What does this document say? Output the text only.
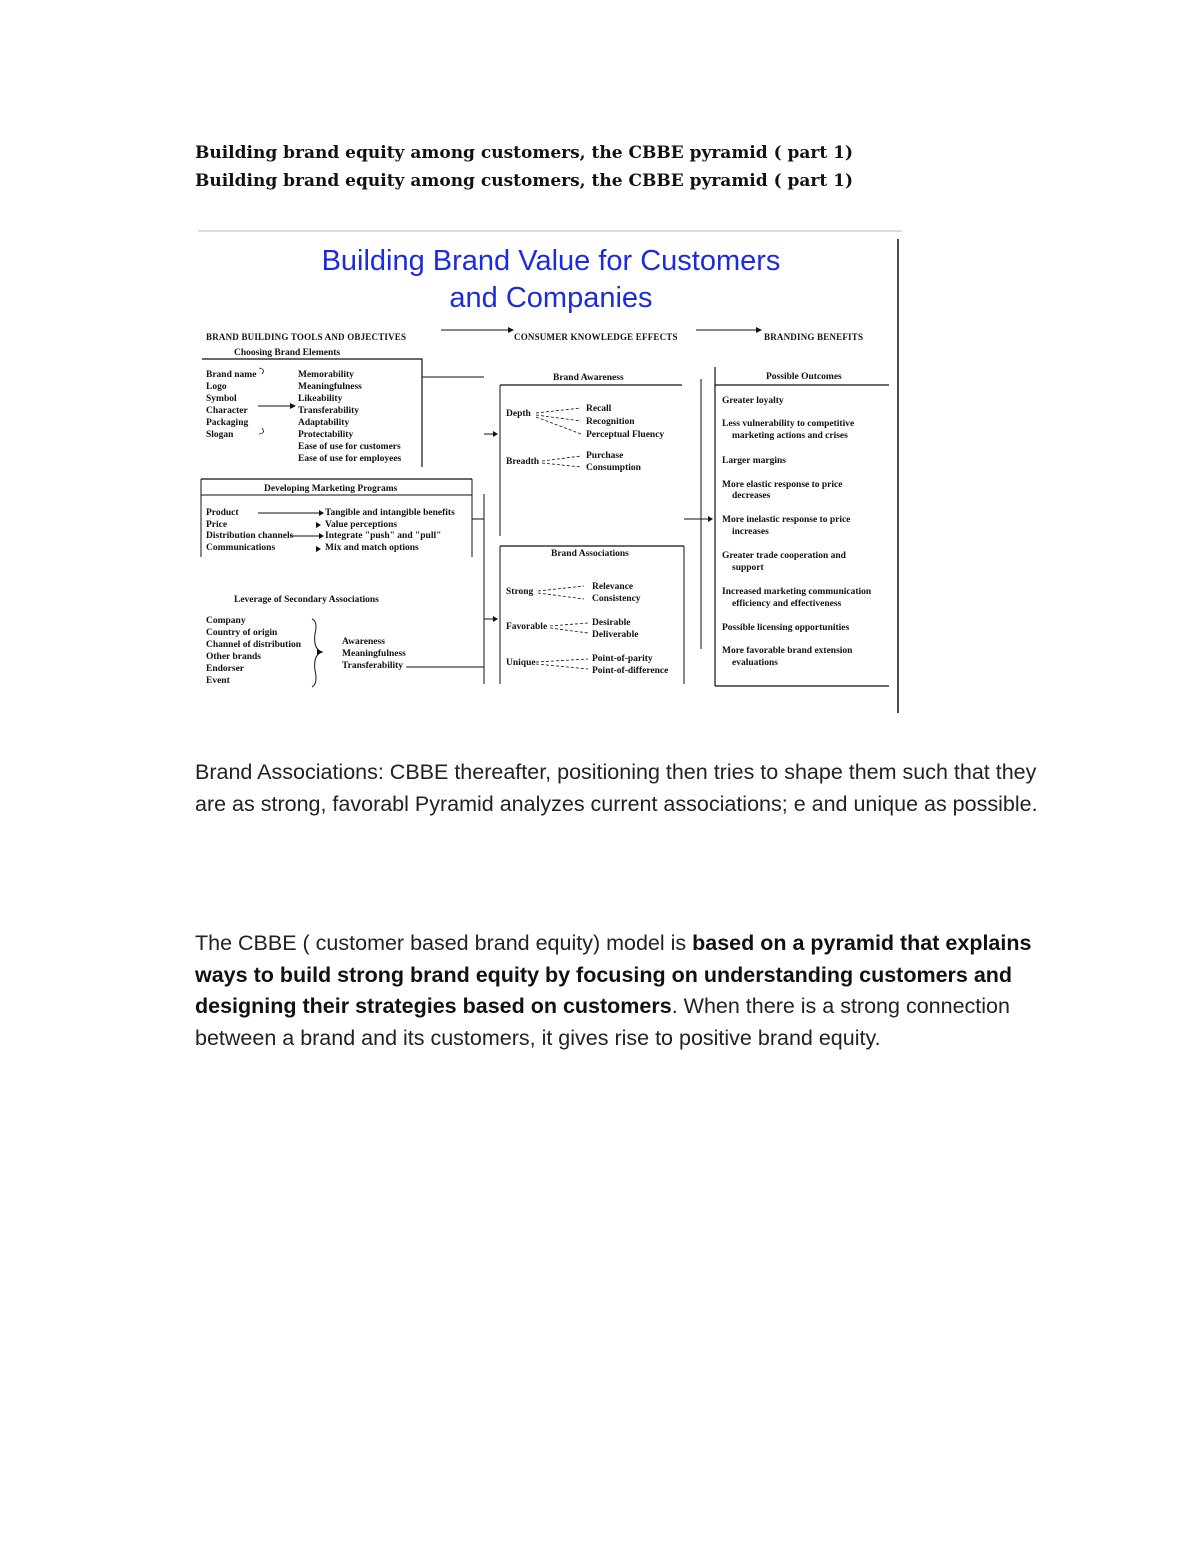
Building brand equity among customers, the CBBE pyramid ( part 1)
Building brand equity among customers, the CBBE pyramid ( part 1)
Building Brand Value for Customers
and Companies
BRAND BUILDING TOOLS AND OBJECTIVES	CONSUMER KNOWLEDGE EFFECTS	BRANDING BENEFITS
Choosing Brand Elements
Brand name
Logo
Symbol
Character
Packaging
Slogan
Memorability
Meaningfulness
Likeability
Transferability
Adaptability
Protectability
Ease of use for customers
Ease of use for employees
Developing Marketing Programs
Product
Price
Distribution channels
Communications
Tangible and intangible benefits
Value perceptions
Integrate "push" and "pull"
Mix and match options
Leverage of Secondary Associations
Company
Country of origin
Channel of distribution
Other brands
Endorser
Event
Awareness
Meaningfulness
Transferability
Brand Awareness
Depth	Recall
Recognition
Perceptual Fluency
Breadth
Purchase
Consumption
Brand Associations
Strong	Relevance
Consistency
Favorable	Desirable
Deliverable
Unique	Point-of-parity
Point-of-difference
Possible Outcomes
Greater loyalty
Less vulnerability to competitive
marketing actions and crises
Larger margins
More elastic response to price
decreases
More inelastic response to price
increases
Greater trade cooperation and
support
Increased marketing communication
efficiency and effectiveness
Possible licensing opportunities
More favorable brand extension
evaluations
Brand Associations: CBBE thereafter, positioning then tries to shape them such that they are as strong, favorabl Pyramid analyzes current associations; e and unique as possible.
The CBBE ( customer based brand equity) model is based on a pyramid that explains ways to build strong brand equity by focusing on understanding customers and designing their strategies based on customers. When there is a strong connection between a brand and its customers, it gives rise to positive brand equity.
